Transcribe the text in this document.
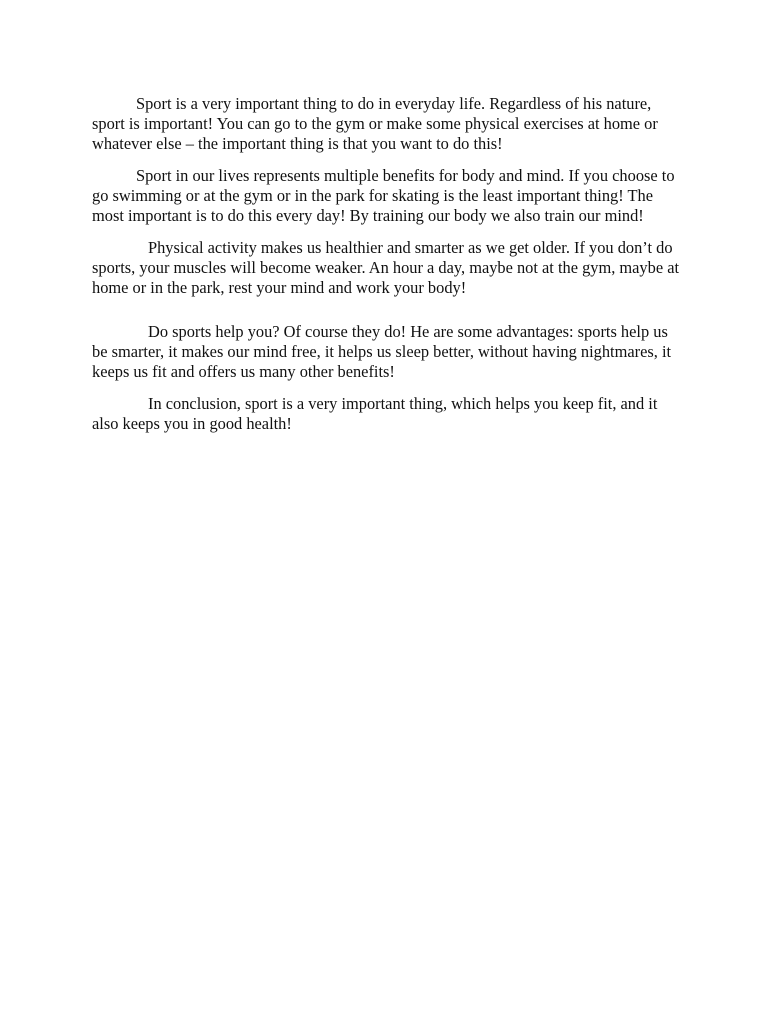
Sport is a very important thing to do in everyday life. Regardless of his nature, sport is important! You can go to the gym or make some physical exercises at home or whatever else – the important thing is that you want to do this!

Sport in our lives represents multiple benefits for body and mind. If you choose to go swimming or at the gym or in the park for skating is the least important thing! The most important is to do this every day! By training our body we also train our mind!

Physical activity makes us healthier and smarter as we get older. If you don’t do sports, your muscles will become weaker. An hour a day, maybe not at the gym, maybe at home or in the park, rest your mind and work your body!

Do sports help you? Of course they do! He are some advantages: sports help us be smarter, it makes our mind free, it helps us sleep better, without having nightmares, it keeps us fit and offers us many other benefits!

In conclusion, sport is a very important thing, which helps you keep fit, and it also keeps you in good health!
